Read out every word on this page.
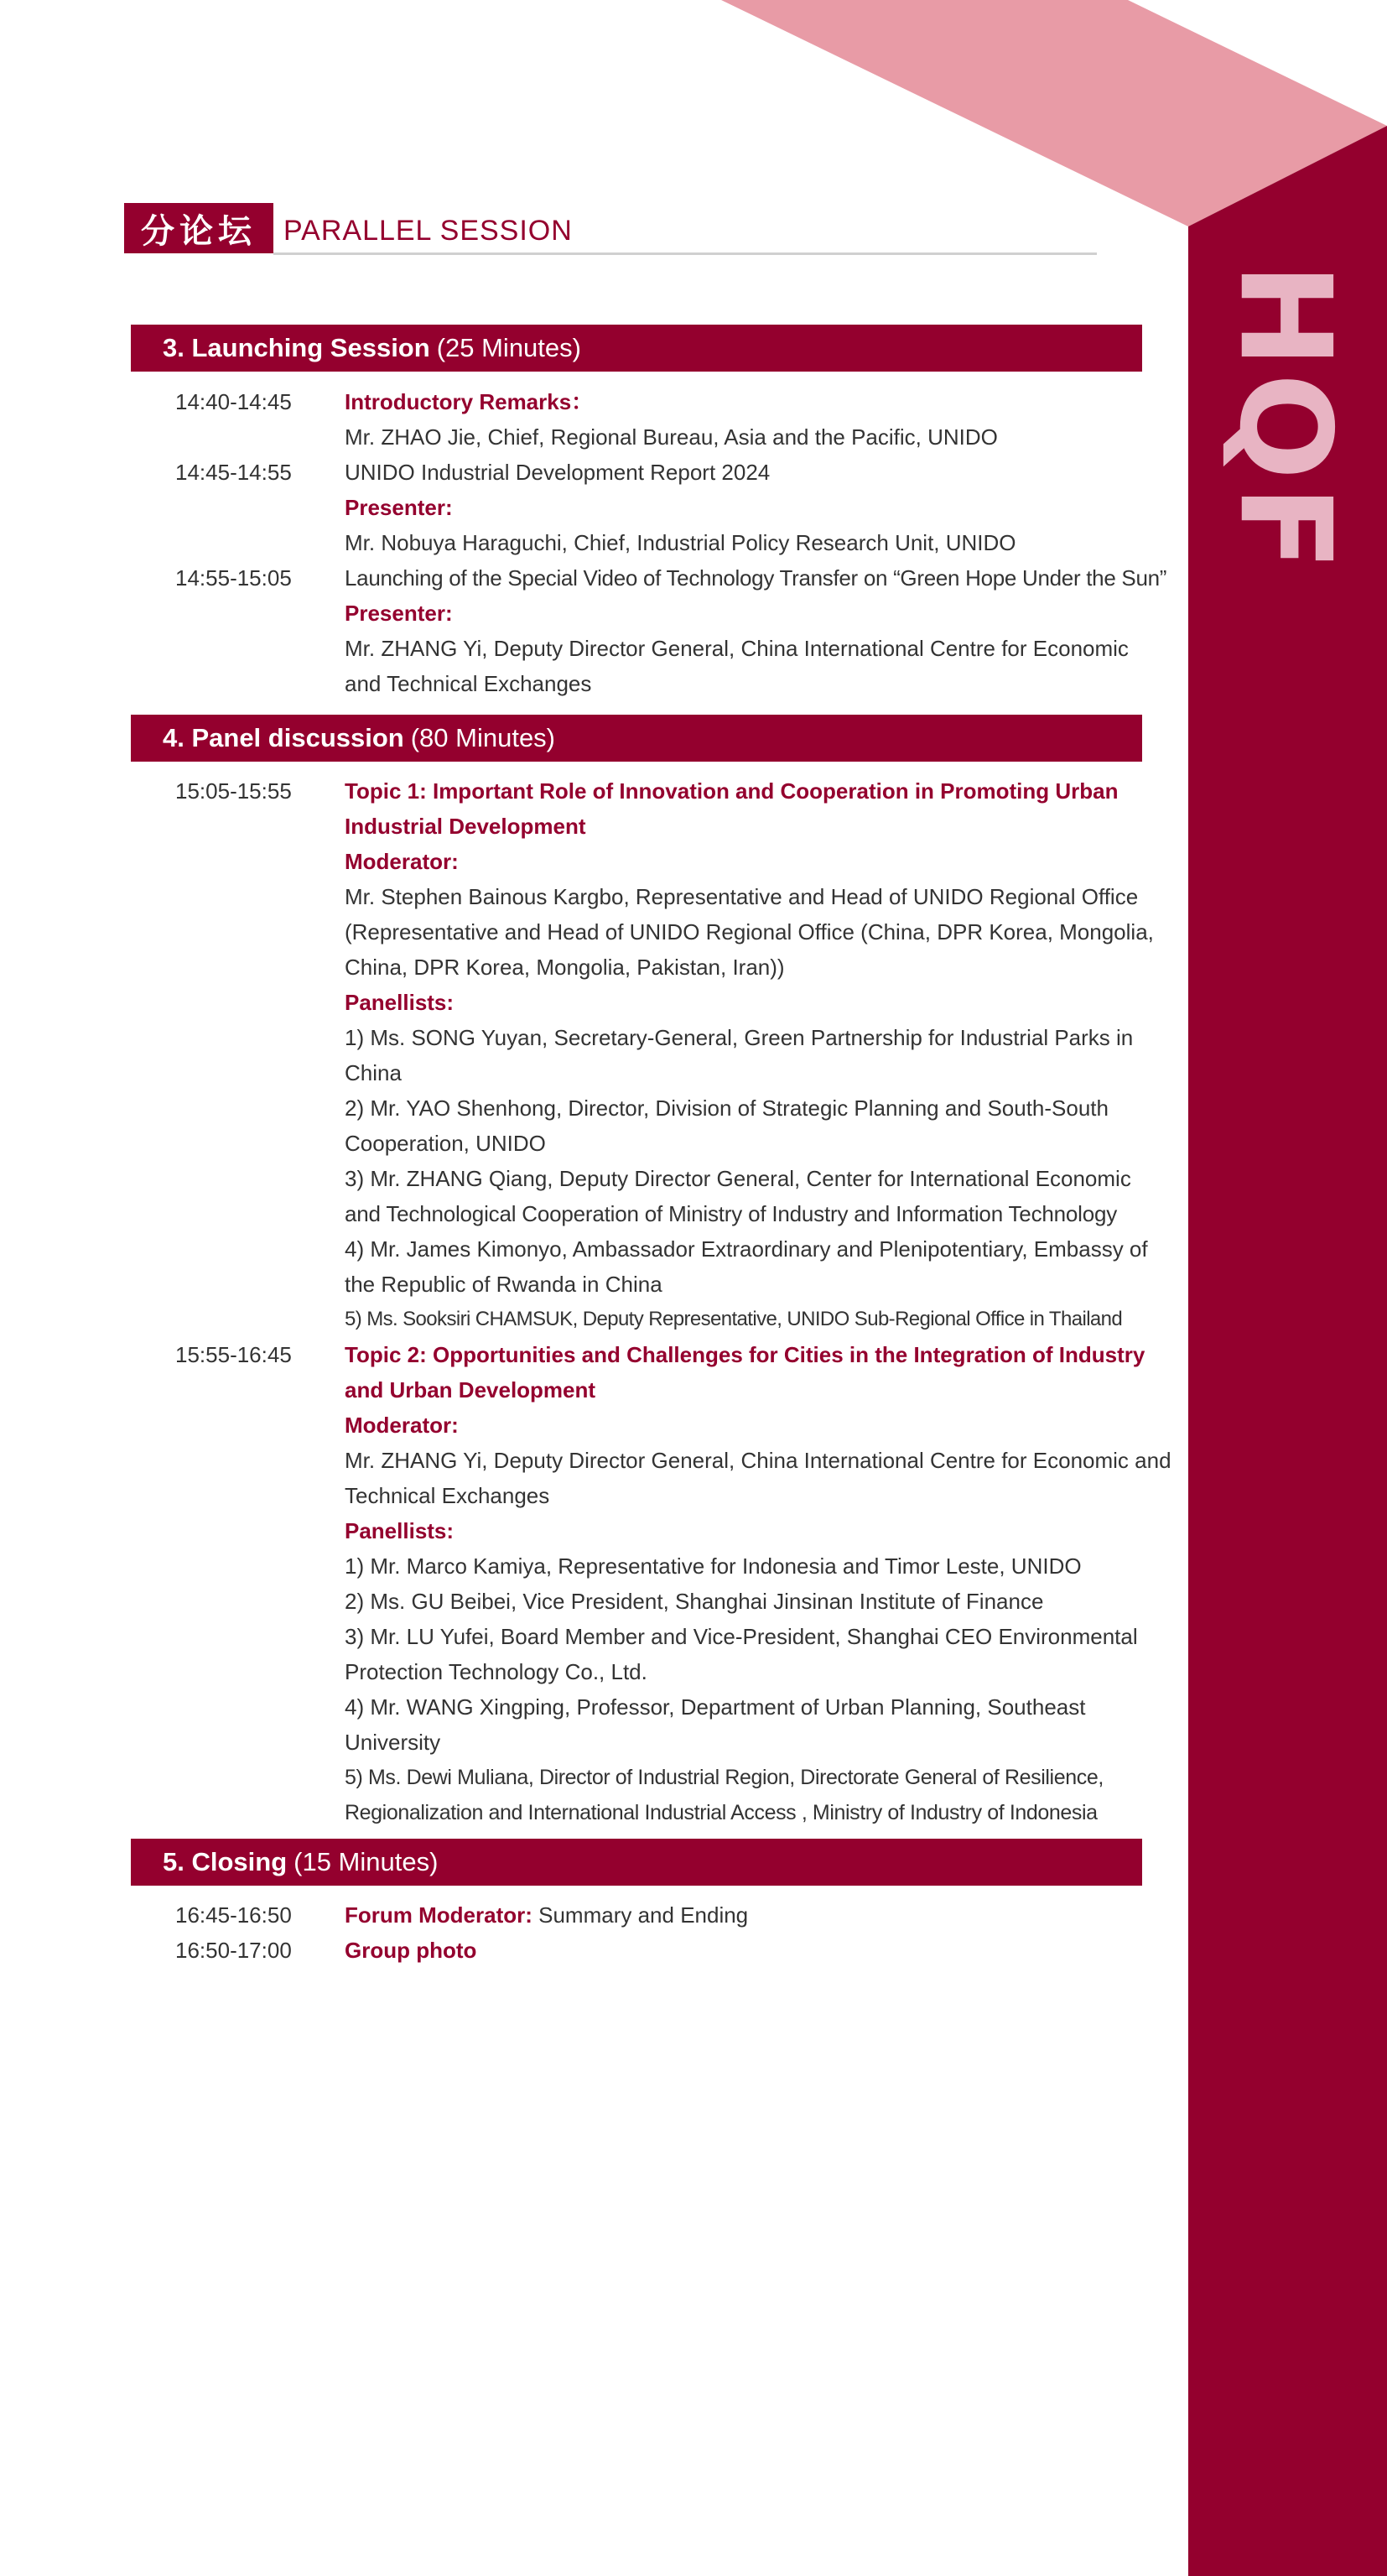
HQF
分论坛 PARALLEL SESSION
3. Launching Session (25 Minutes)
14:40-14:45	Introductory Remarks：
Mr. ZHAO Jie, Chief, Regional Bureau, Asia and the Pacific, UNIDO
14:45-14:55	UNIDO Industrial Development Report 2024
Presenter:
Mr. Nobuya Haraguchi, Chief, Industrial Policy Research Unit, UNIDO
14:55-15:05	Launching of the Special Video of Technology Transfer on “Green Hope Under the Sun”
Presenter:
Mr. ZHANG Yi, Deputy Director General, China International Centre for Economic
and Technical Exchanges
4. Panel discussion (80 Minutes)
15:05-15:55	Topic 1: Important Role of Innovation and Cooperation in Promoting Urban
Industrial Development
Moderator:
Mr. Stephen Bainous Kargbo, Representative and Head of UNIDO Regional Office
(Representative and Head of UNIDO Regional Office (China, DPR Korea, Mongolia,
China, DPR Korea, Mongolia, Pakistan, Iran))
Panellists:
1) Ms. SONG Yuyan, Secretary-General, Green Partnership for Industrial Parks in
China
2) Mr. YAO Shenhong, Director, Division of Strategic Planning and South-South
Cooperation, UNIDO
3) Mr. ZHANG Qiang, Deputy Director General, Center for International Economic
and Technological Cooperation of Ministry of Industry and Information Technology
4) Mr. James Kimonyo, Ambassador Extraordinary and Plenipotentiary, Embassy of
the Republic of Rwanda in China
5) Ms. Sooksiri CHAMSUK, Deputy Representative, UNIDO Sub-Regional Office in Thailand
15:55-16:45	Topic 2: Opportunities and Challenges for Cities in the Integration of Industry
and Urban Development
Moderator:
Mr. ZHANG Yi, Deputy Director General, China International Centre for Economic and
Technical Exchanges
Panellists:
1) Mr. Marco Kamiya, Representative for Indonesia and Timor Leste, UNIDO
2) Ms. GU Beibei, Vice President, Shanghai Jinsinan Institute of Finance
3) Mr. LU Yufei, Board Member and Vice-President, Shanghai CEO Environmental
Protection Technology Co., Ltd.
4) Mr. WANG Xingping, Professor, Department of Urban Planning, Southeast
University
5) Ms. Dewi Muliana, Director of Industrial Region, Directorate General of Resilience,
Regionalization and International Industrial Access , Ministry of Industry of Indonesia
5. Closing (15 Minutes)
16:45-16:50	Forum Moderator: Summary and Ending
16:50-17:00	Group photo
